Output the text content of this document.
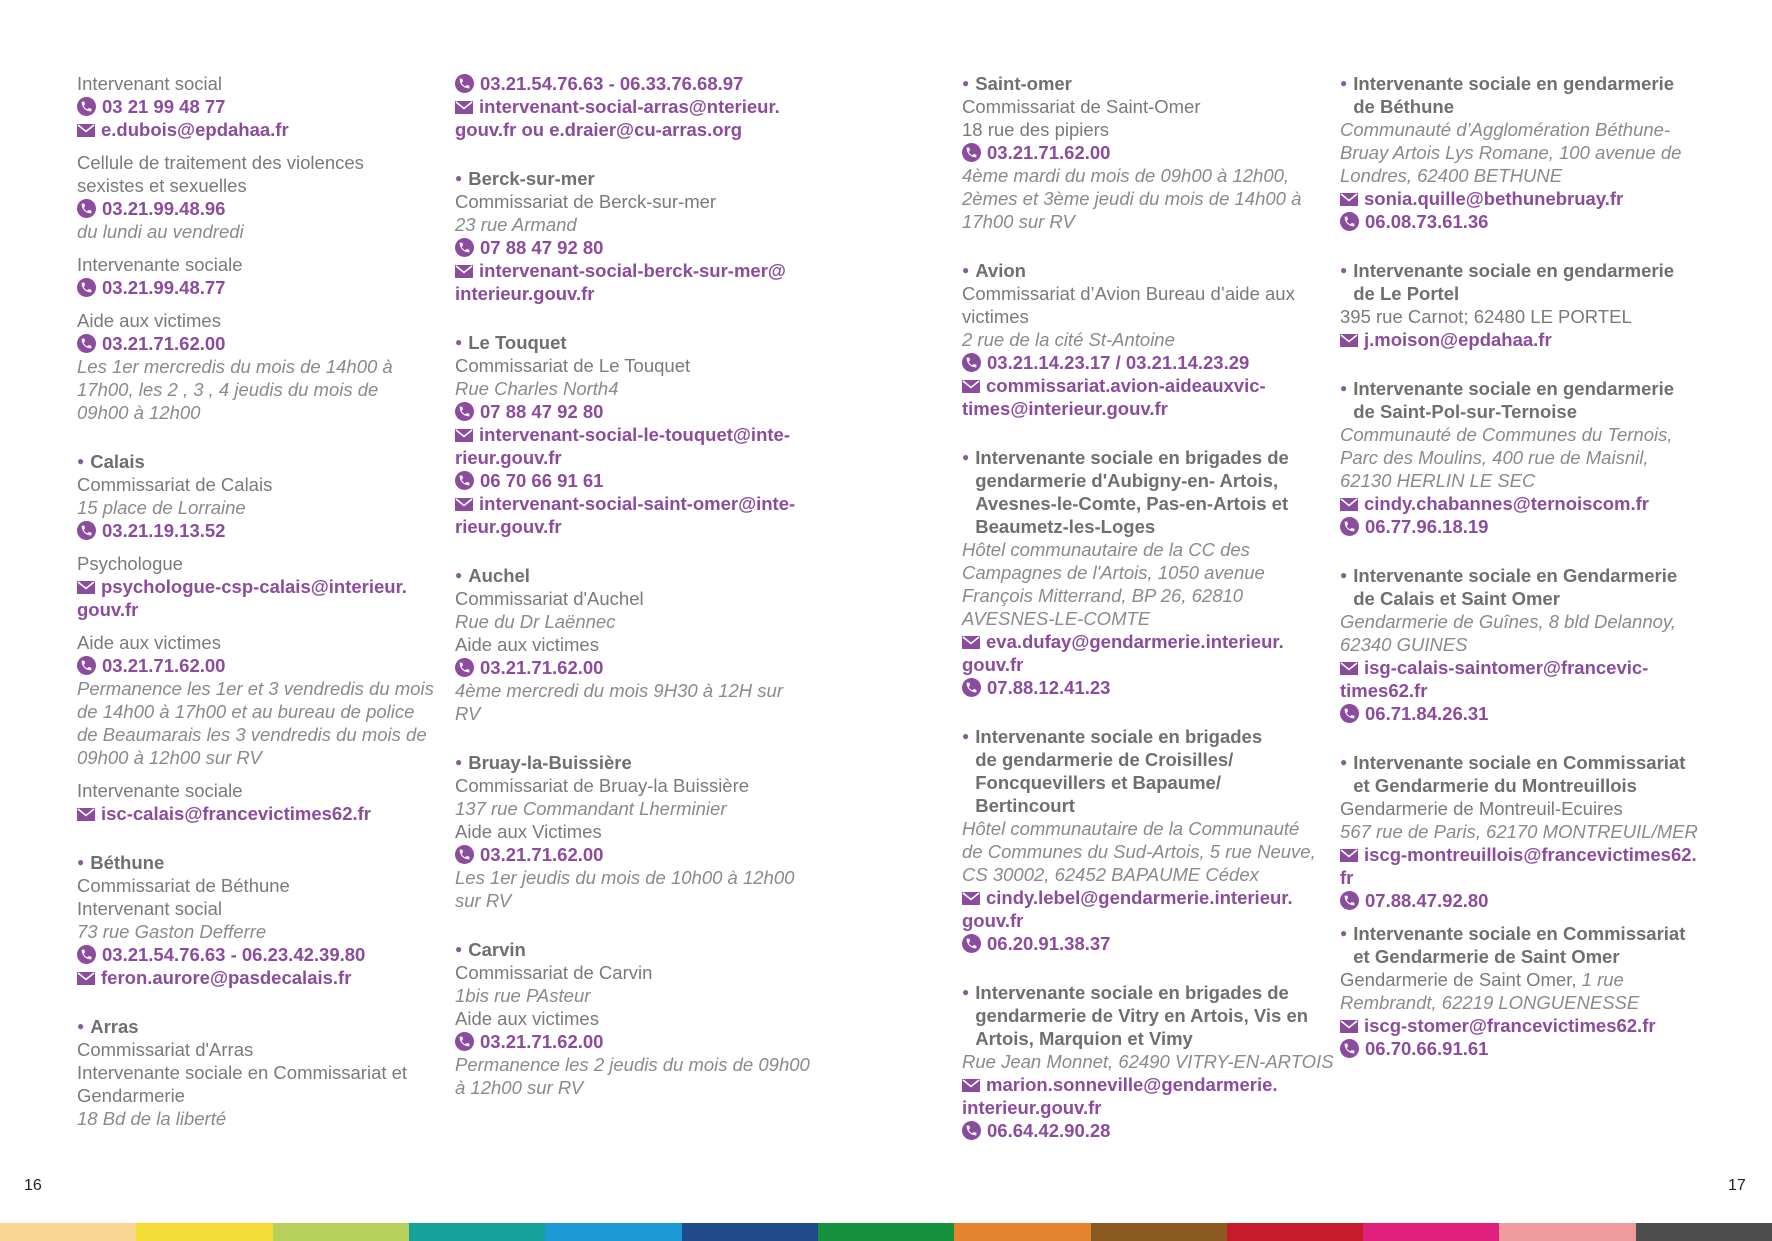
Intervenant social
03 21 99 48 77
e.dubois@epdahaa.fr
Cellule de traitement des violences
sexistes et sexuelles
03.21.99.48.96
du lundi au vendredi
Intervenante sociale
03.21.99.48.77
Aide aux victimes
03.21.71.62.00
Les 1er mercredis du mois de 14h00 à
17h00, les 2 , 3 , 4 jeudis du mois de
09h00 à 12h00
● Calais
Commissariat de Calais
15 place de Lorraine
03.21.19.13.52
Psychologue
psychologue-csp-calais@interieur.
gouv.fr
Aide aux victimes
03.21.71.62.00
Permanence les 1er et 3 vendredis du mois
de 14h00 à 17h00 et au bureau de police
de Beaumarais les 3 vendredis du mois de
09h00 à 12h00 sur RV
Intervenante sociale
isc-calais@francevictimes62.fr
● Béthune
Commissariat de Béthune
Intervenant social
73 rue Gaston Defferre
03.21.54.76.63 - 06.23.42.39.80
feron.aurore@pasdecalais.fr
● Arras
Commissariat d'Arras
Intervenante sociale en Commissariat et
Gendarmerie
18 Bd de la liberté
03.21.54.76.63 - 06.33.76.68.97
intervenant-social-arras@nterieur.
gouv.fr ou e.draier@cu-arras.org
● Berck-sur-mer
Commissariat de Berck-sur-mer
23 rue Armand
07 88 47 92 80
intervenant-social-berck-sur-mer@
interieur.gouv.fr
● Le Touquet
Commissariat de Le Touquet
Rue Charles North4
07 88 47 92 80
intervenant-social-le-touquet@inte-
rieur.gouv.fr
06 70 66 91 61
intervenant-social-saint-omer@inte-
rieur.gouv.fr
● Auchel
Commissariat d'Auchel
Rue du Dr Laënnec
Aide aux victimes
03.21.71.62.00
4ème mercredi du mois 9H30 à 12H sur
RV
● Bruay-la-Buissière
Commissariat de Bruay-la Buissière
137 rue Commandant Lherminier
Aide aux Victimes
03.21.71.62.00
Les 1er jeudis du mois de 10h00 à 12h00
sur RV
● Carvin
Commissariat de Carvin
1bis rue PAsteur
Aide aux victimes
03.21.71.62.00
Permanence les 2 jeudis du mois de 09h00
à 12h00 sur RV
● Saint-omer
Commissariat de Saint-Omer
18 rue des pipiers
03.21.71.62.00
4ème mardi du mois de 09h00 à 12h00,
2èmes et 3ème jeudi du mois de 14h00 à
17h00 sur RV
● Avion
Commissariat d’Avion Bureau d’aide aux
victimes
2 rue de la cité St-Antoine
03.21.14.23.17 / 03.21.14.23.29
commissariat.avion-aideauxvic-
times@interieur.gouv.fr
● Intervenante sociale en brigades de
gendarmerie d'Aubigny-en- Artois,
Avesnes-le-Comte, Pas-en-Artois et
Beaumetz-les-Loges
Hôtel communautaire de la CC des
Campagnes de l'Artois, 1050 avenue
François Mitterrand, BP 26, 62810
AVESNES-LE-COMTE
eva.dufay@gendarmerie.interieur.
gouv.fr
07.88.12.41.23
● Intervenante sociale en brigades
de gendarmerie de Croisilles/
Foncquevillers et Bapaume/
Bertincourt
Hôtel communautaire de la Communauté
de Communes du Sud-Artois, 5 rue Neuve,
CS 30002, 62452 BAPAUME Cédex
cindy.lebel@gendarmerie.interieur.
gouv.fr
06.20.91.38.37
● Intervenante sociale en brigades de
gendarmerie de Vitry en Artois, Vis en
Artois, Marquion et Vimy
Rue Jean Monnet, 62490 VITRY-EN-ARTOIS
marion.sonneville@gendarmerie.
interieur.gouv.fr
06.64.42.90.28
● Intervenante sociale en gendarmerie
de Béthune
Communauté d’Agglomération Béthune-
Bruay Artois Lys Romane, 100 avenue de
Londres, 62400 BETHUNE
sonia.quille@bethunebruay.fr
06.08.73.61.36
● Intervenante sociale en gendarmerie
de Le Portel
395 rue Carnot; 62480 LE PORTEL
j.moison@epdahaa.fr
● Intervenante sociale en gendarmerie
de Saint-Pol-sur-Ternoise
Communauté de Communes du Ternois,
Parc des Moulins, 400 rue de Maisnil,
62130 HERLIN LE SEC
cindy.chabannes@ternoiscom.fr
06.77.96.18.19
● Intervenante sociale en Gendarmerie
de Calais et Saint Omer
Gendarmerie de Guînes, 8 bld Delannoy,
62340 GUINES
isg-calais-saintomer@francevic-
times62.fr
06.71.84.26.31
● Intervenante sociale en Commissariat
et Gendarmerie du Montreuillois
Gendarmerie de Montreuil-Ecuires
567 rue de Paris, 62170 MONTREUIL/MER
iscg-montreuillois@francevictimes62.
fr
07.88.47.92.80
● Intervenante sociale en Commissariat
et Gendarmerie de Saint Omer
Gendarmerie de Saint Omer, 1 rue
Rembrandt, 62219 LONGUENESSE
iscg-stomer@francevictimes62.fr
06.70.66.91.61
16	17
